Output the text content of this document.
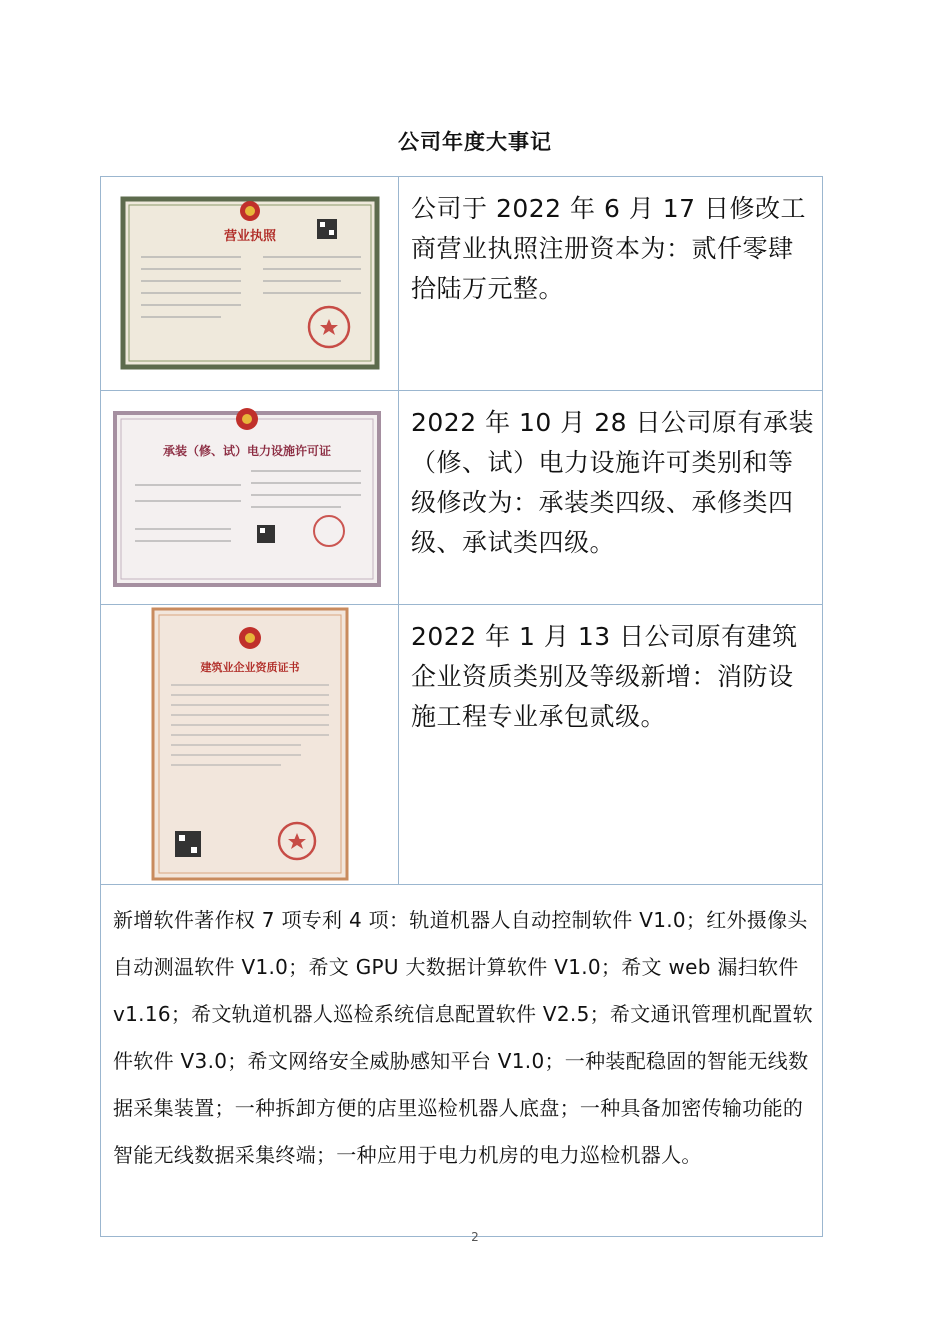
公司年度大事记
营业执照
公司于 2022 年 6 月 17 日修改工商营业执照注册资本为：贰仟零肆拾陆万元整。
承装（修、试）电力设施许可证
2022 年 10 月 28 日公司原有承装（修、试）电力设施许可类别和等级修改为：承装类四级、承修类四级、承试类四级。
建筑业企业资质证书
2022 年 1 月 13 日公司原有建筑企业资质类别及等级新增：消防设施工程专业承包贰级。
新增软件著作权 7 项专利 4 项：轨道机器人自动控制软件 V1.0；红外摄像头自动测温软件 V1.0；希文 GPU 大数据计算软件 V1.0；希文 web 漏扫软件 v1.16；希文轨道机器人巡检系统信息配置软件 V2.5；希文通讯管理机配置软件软件 V3.0；希文网络安全威胁感知平台 V1.0；一种装配稳固的智能无线数据采集装置；一种拆卸方便的店里巡检机器人底盘；一种具备加密传输功能的智能无线数据采集终端；一种应用于电力机房的电力巡检机器人。
2
